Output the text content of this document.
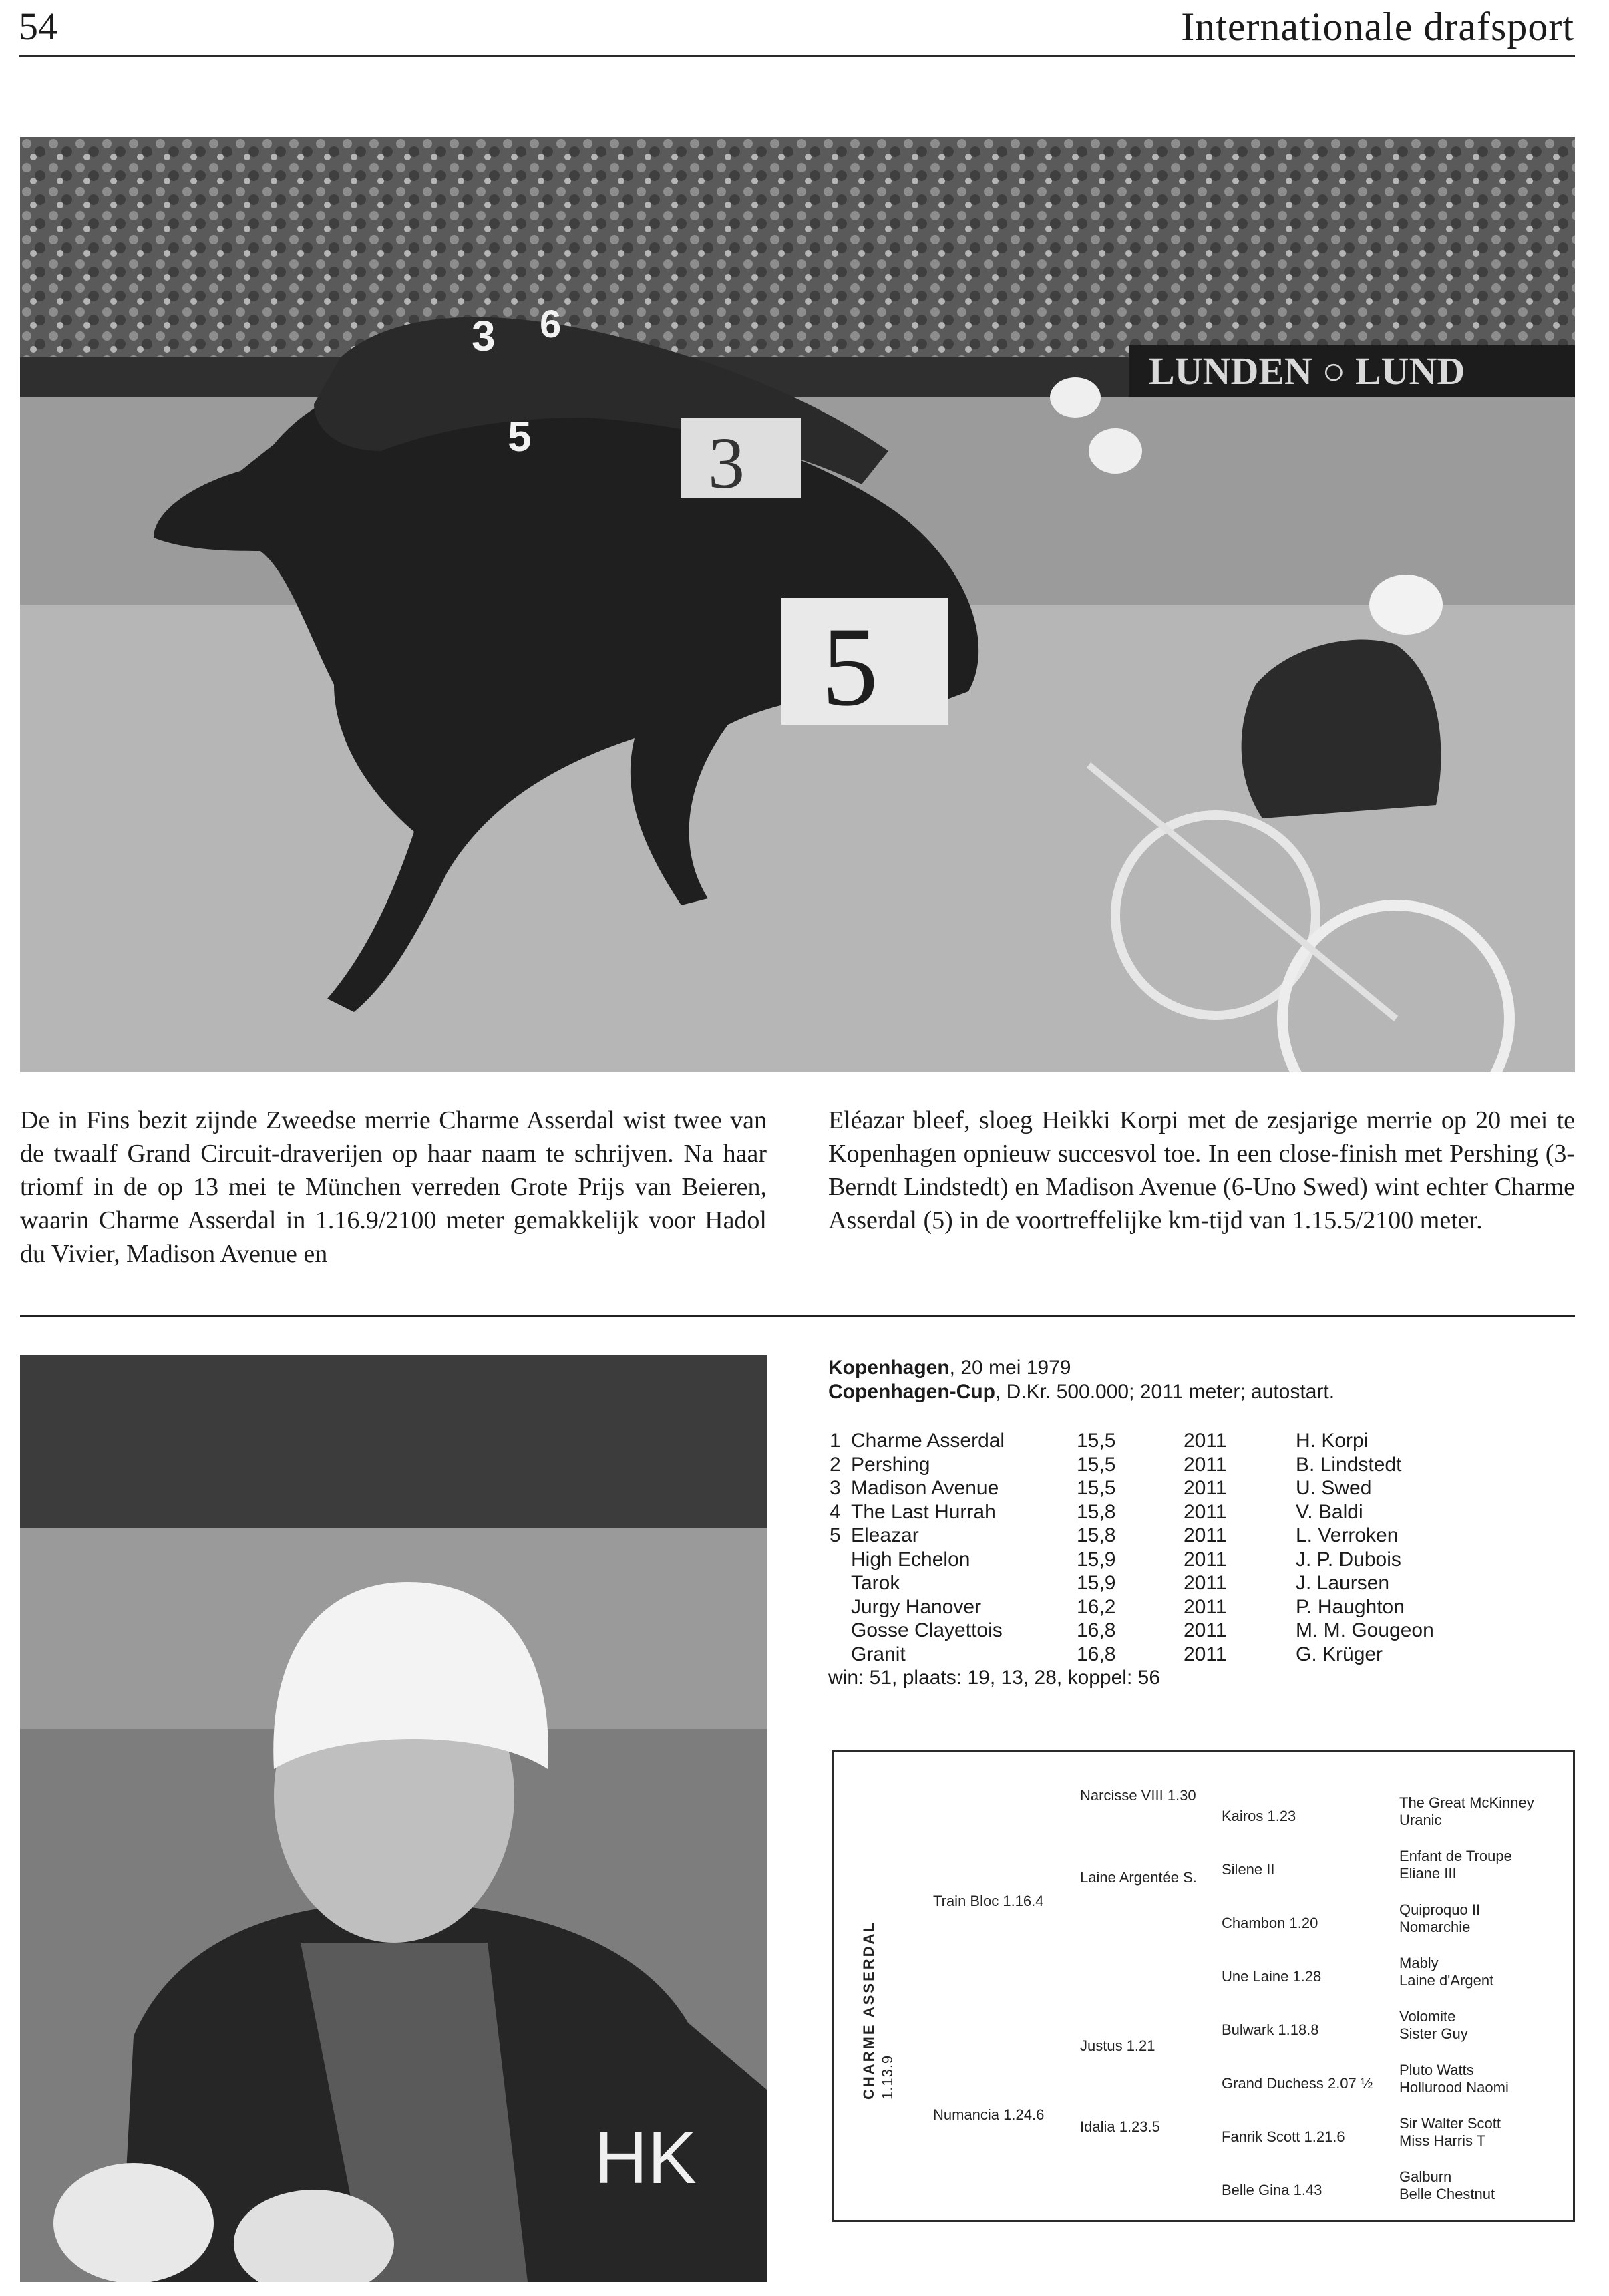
54	Internationale drafsport
LUNDEN ○ LUND
5
3
3 6
5
De in Fins bezit zijnde Zweedse merrie Charme Asserdal wist twee van de twaalf Grand Circuit-draverijen op haar naam te schrijven. Na haar triomf in de op 13 mei te München verreden Grote Prijs van Beieren, waarin Charme Asserdal in 1.16.9/2100 meter gemakkelijk voor Hadol du Vivier, Madison Avenue en
Eléazar bleef, sloeg Heikki Korpi met de zesjarige merrie op 20 mei te Kopenhagen opnieuw succesvol toe. In een close-finish met Pershing (3-Berndt Lindstedt) en Madison Avenue (6-Uno Swed) wint echter Charme Asserdal (5) in de voortreffelijke km-tijd van 1.15.5/2100 meter.
HK
Kopenhagen, 20 mei 1979
Copenhagen-Cup, D.Kr. 500.000; 2011 meter; autostart.
1 Charme Asserdal	15,5	2011	H. Korpi
2 Pershing	15,5	2011	B. Lindstedt
3 Madison Avenue	15,5	2011	U. Swed
4 The Last Hurrah	15,8	2011	V. Baldi
5 Eleazar	15,8	2011	L. Verroken
High Echelon	15,9	2011	J. P. Dubois
Tarok	15,9	2011	J. Laursen
Jurgy Hanover	16,2	2011	P. Haughton
Gosse Clayettois	16,8	2011	M. M. Gougeon
Granit	16,8	2011	G. Krüger
win: 51, plaats: 19, 13, 28, koppel: 56
CHARME ASSERDAL 1.13.9
Train Bloc 1.16.4
Numancia 1.24.6
Narcisse VIII 1.30
Laine Argentée S.
Justus 1.21
Idalia 1.23.5
Kairos 1.23
Silene II
Chambon 1.20
Une Laine 1.28
Bulwark 1.18.8
Grand Duchess 2.07 ½
Fanrik Scott 1.21.6
Belle Gina 1.43
The Great McKinney
Uranic
Enfant de Troupe
Eliane III
Quiproquo II
Nomarchie
Mably
Laine d'Argent
Volomite
Sister Guy
Pluto Watts
Hollurood Naomi
Sir Walter Scott
Miss Harris T
Galburn
Belle Chestnut
